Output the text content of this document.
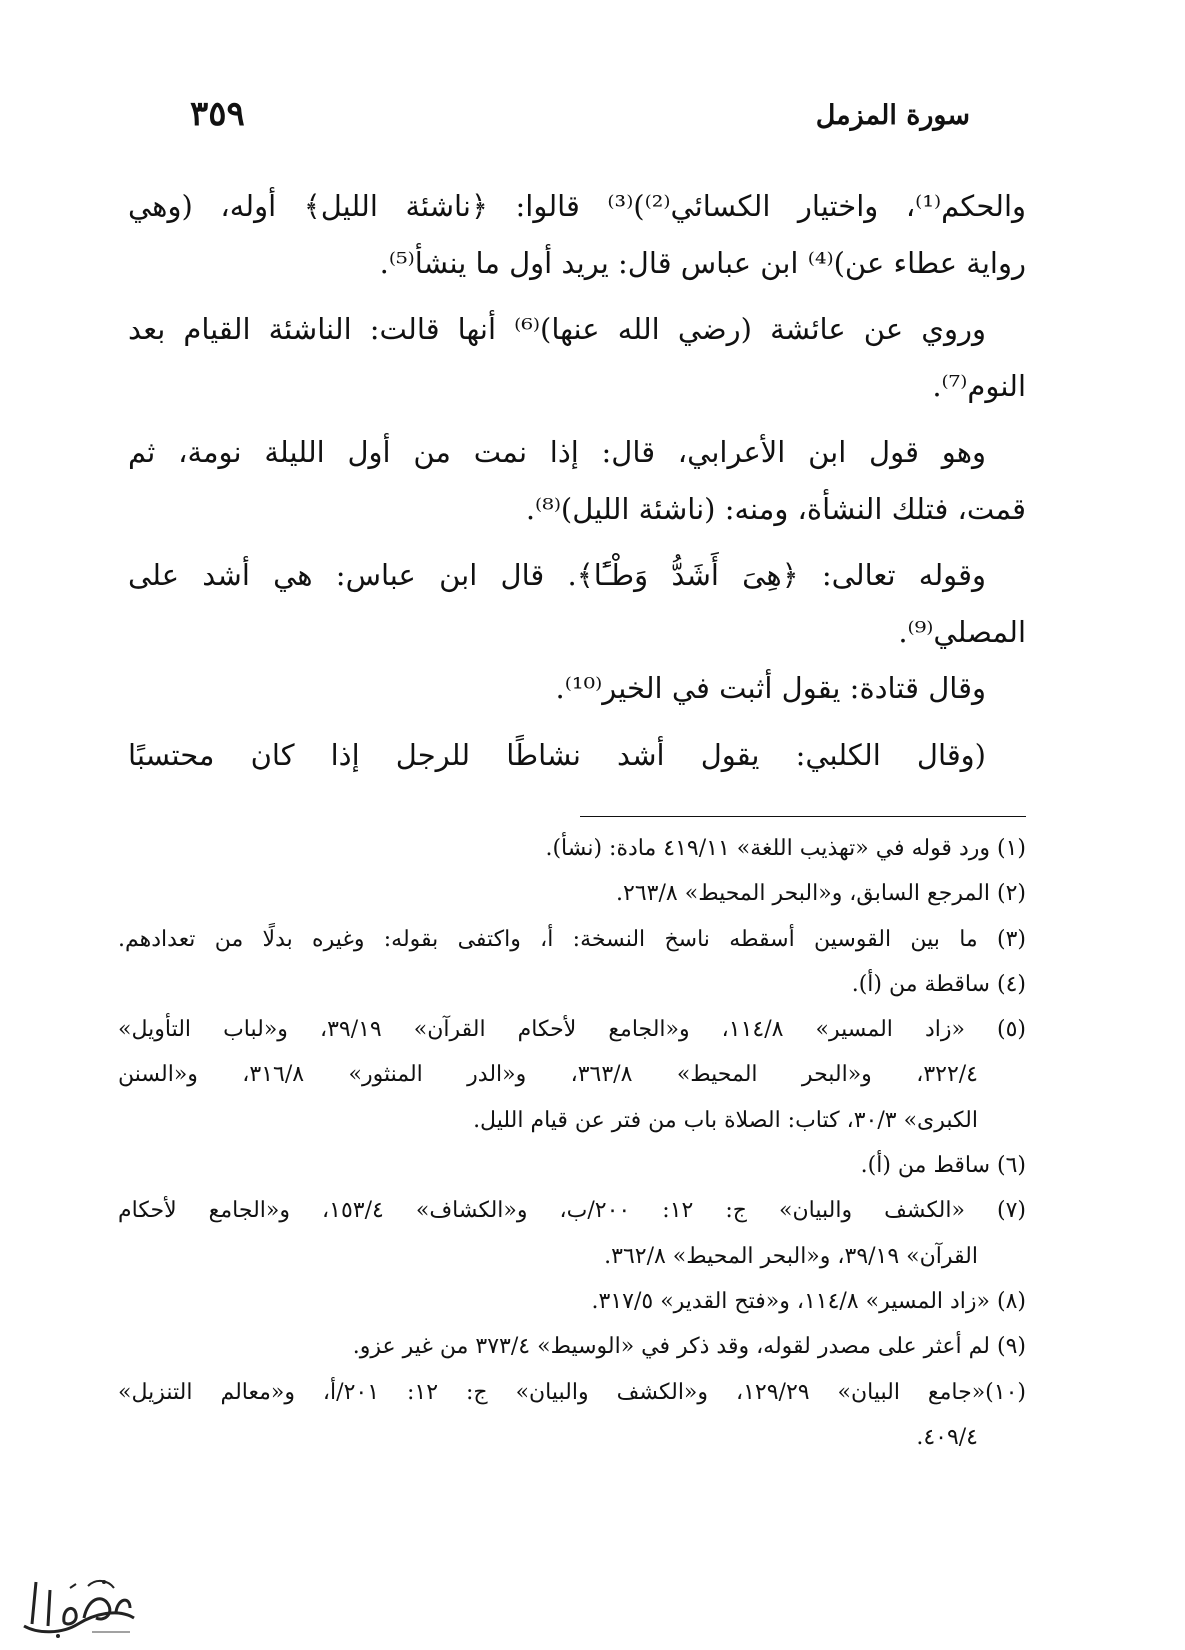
سورة المزمل
٣٥٩
والحكم⁽¹⁾، واختيار الكسائي⁽²⁾)⁽³⁾ قالوا: ﴿ناشئة الليل﴾ أوله، (وهي
رواية عطاء عن)⁽⁴⁾ ابن عباس قال: يريد أول ما ينشأ⁽⁵⁾.
وروي عن عائشة (رضي الله عنها)⁽⁶⁾ أنها قالت: الناشئة القيام بعد
النوم⁽⁷⁾.
وهو قول ابن الأعرابي، قال: إذا نمت من أول الليلة نومة، ثم
قمت، فتلك النشأة، ومنه: (ناشئة الليل)⁽⁸⁾.
وقوله تعالى: ﴿هِىَ أَشَدُّ وَطْـًٔا﴾. قال ابن عباس: هي أشد على
المصلي⁽⁹⁾.
وقال قتادة: يقول أثبت في الخير⁽¹⁰⁾.
(وقال الكلبي: يقول أشد نشاطًا للرجل إذا كان محتسبًا
(١) ورد قوله في «تهذيب اللغة» ٤١٩/١١ مادة: (نشأ).
(٢) المرجع السابق، و«البحر المحيط» ٢٦٣/٨.
(٣) ما بين القوسين أسقطه ناسخ النسخة: أ، واكتفى بقوله: وغيره بدلًا من تعدادهم.
(٤) ساقطة من (أ).
(٥) «زاد المسير» ١١٤/٨، و«الجامع لأحكام القرآن» ٣٩/١٩، و«لباب التأويل»
٣٢٢/٤، و«البحر المحيط» ٣٦٣/٨، و«الدر المنثور» ٣١٦/٨، و«السنن
الكبرى» ٣٠/٣، كتاب: الصلاة باب من فتر عن قيام الليل.
(٦) ساقط من (أ).
(٧) «الكشف والبيان» ج: ١٢: ٢٠٠/ب، و«الكشاف» ١٥٣/٤، و«الجامع لأحكام
القرآن» ٣٩/١٩، و«البحر المحيط» ٣٦٢/٨.
(٨) «زاد المسير» ١١٤/٨، و«فتح القدير» ٣١٧/٥.
(٩) لم أعثر على مصدر لقوله، وقد ذكر في «الوسيط» ٣٧٣/٤ من غير عزو.
(١٠)«جامع البيان» ١٢٩/٢٩، و«الكشف والبيان» ج: ١٢: ٢٠١/أ، و«معالم التنزيل»
٤٠٩/٤.
